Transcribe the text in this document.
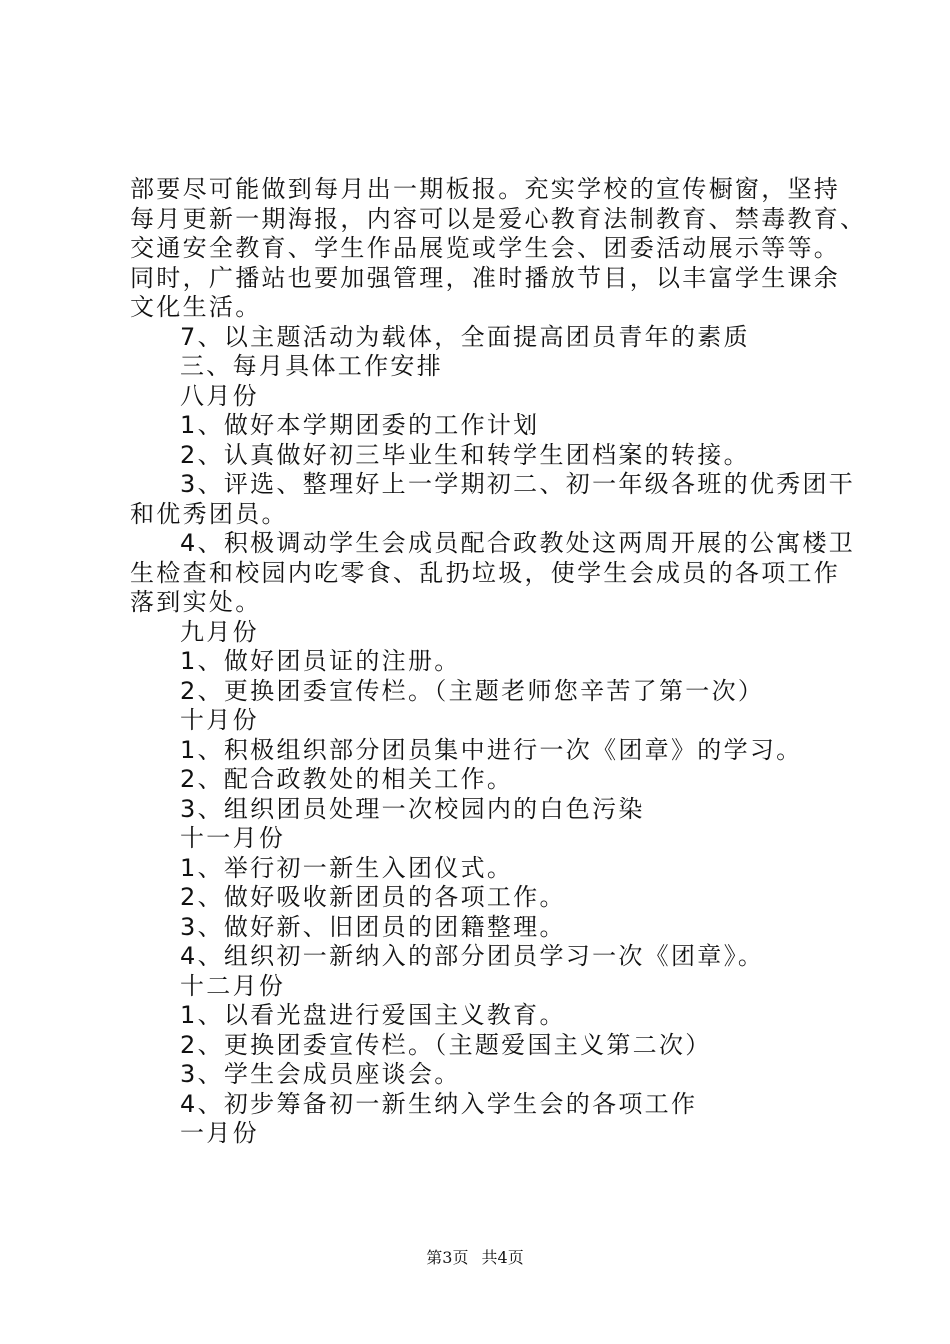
部要尽可能做到每月出一期板报。充实学校的宣传橱窗，坚持
每月更新一期海报，内容可以是爱心教育法制教育、禁毒教育、
交通安全教育、学生作品展览或学生会、团委活动展示等等。
同时，广播站也要加强管理，准时播放节目，以丰富学生课余
文化生活。
7、以主题活动为载体，全面提高团员青年的素质
三、每月具体工作安排
八月份
1、做好本学期团委的工作计划
2、认真做好初三毕业生和转学生团档案的转接。
3、评选、整理好上一学期初二、初一年级各班的优秀团干
和优秀团员。
4、积极调动学生会成员配合政教处这两周开展的公寓楼卫
生检查和校园内吃零食、乱扔垃圾，使学生会成员的各项工作
落到实处。
九月份
1、做好团员证的注册。
2、更换团委宣传栏。（主题老师您辛苦了第一次）
十月份
1、积极组织部分团员集中进行一次《团章》的学习。
2、配合政教处的相关工作。
3、组织团员处理一次校园内的白色污染
十一月份
1、举行初一新生入团仪式。
2、做好吸收新团员的各项工作。
3、做好新、旧团员的团籍整理。
4、组织初一新纳入的部分团员学习一次《团章》。
十二月份
1、以看光盘进行爱国主义教育。
2、更换团委宣传栏。（主题爱国主义第二次）
3、学生会成员座谈会。
4、初步筹备初一新生纳入学生会的各项工作
一月份
第3页 共4页
